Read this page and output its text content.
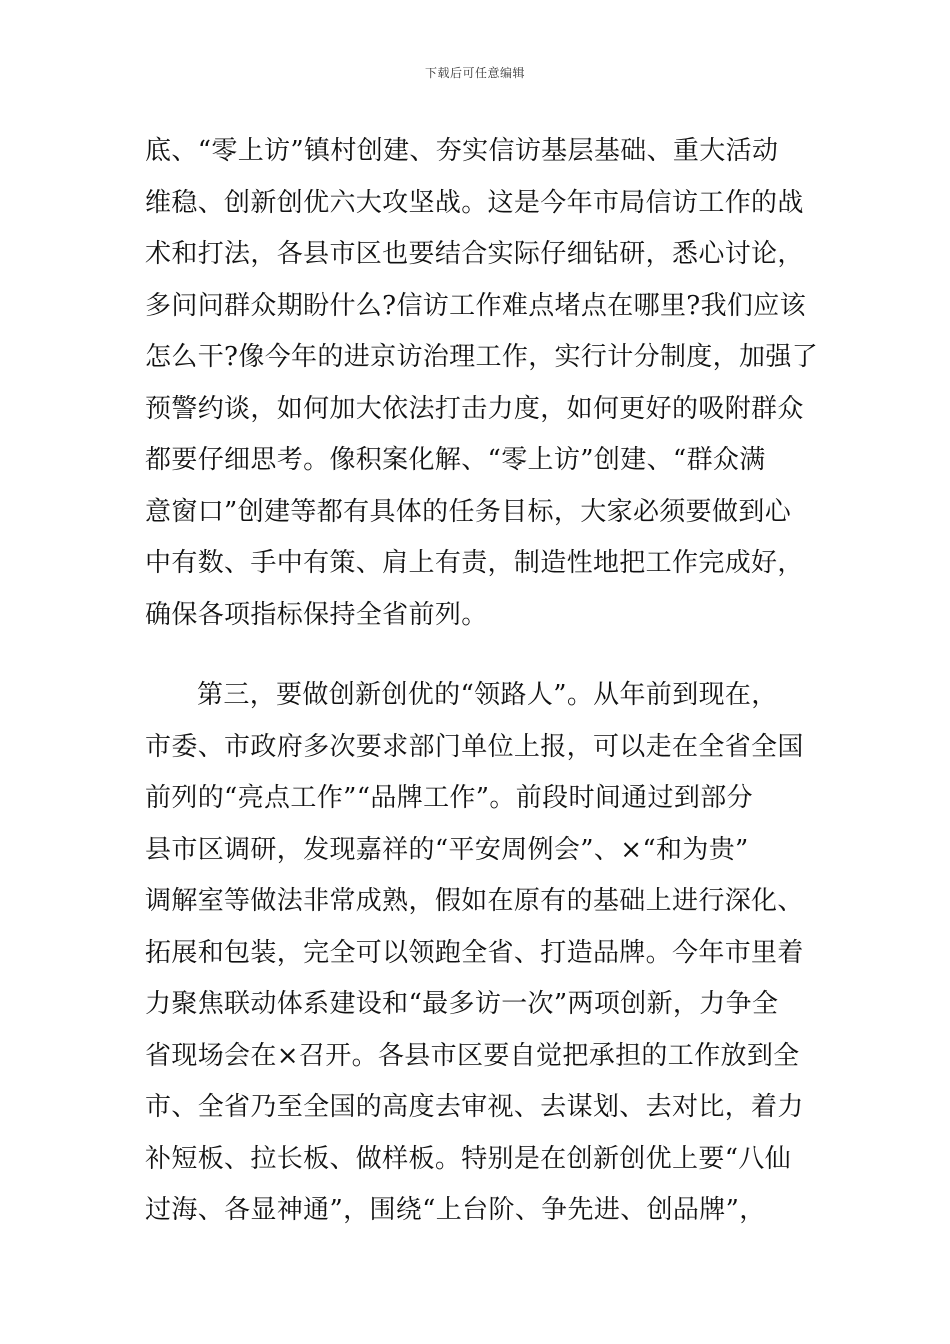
下载后可任意编辑
底、“零上访”镇村创建、夯实信访基层基础、重大活动
维稳、创新创优六大攻坚战。这是今年市局信访工作的战
术和打法，各县市区也要结合实际仔细钻研，悉心讨论，
多问问群众期盼什么?信访工作难点堵点在哪里?我们应该
怎么干?像今年的进京访治理工作，实行计分制度，加强了
预警约谈，如何加大依法打击力度，如何更好的吸附群众
都要仔细思考。像积案化解、“零上访”创建、“群众满
意窗口”创建等都有具体的任务目标，大家必须要做到心
中有数、手中有策、肩上有责，制造性地把工作完成好，
确保各项指标保持全省前列。
第三，要做创新创优的“领路人”。从年前到现在，
市委、市政府多次要求部门单位上报，可以走在全省全国
前列的“亮点工作”“品牌工作”。前段时间通过到部分
县市区调研，发现嘉祥的“平安周例会”、×“和为贵”
调解室等做法非常成熟，假如在原有的基础上进行深化、
拓展和包装，完全可以领跑全省、打造品牌。今年市里着
力聚焦联动体系建设和“最多访一次”两项创新，力争全
省现场会在×召开。各县市区要自觉把承担的工作放到全
市、全省乃至全国的高度去审视、去谋划、去对比，着力
补短板、拉长板、做样板。特别是在创新创优上要“八仙
过海、各显神通”，围绕“上台阶、争先进、创品牌”，
